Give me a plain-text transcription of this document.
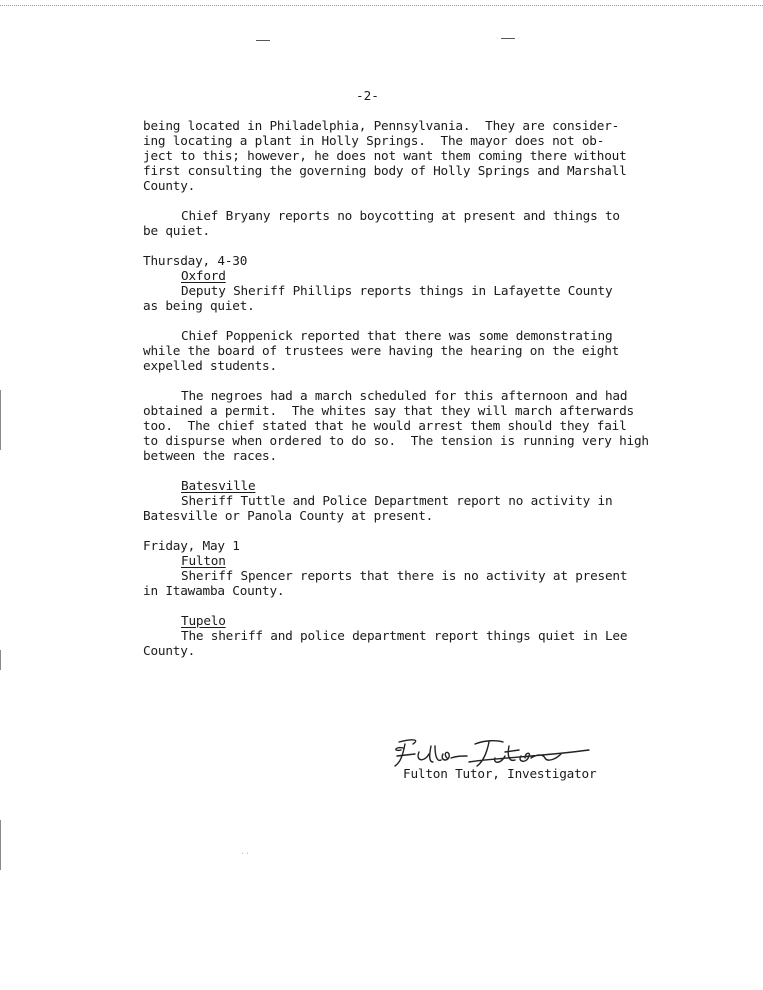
-2-
being located in Philadelphia, Pennsylvania.  They are consider-
ing locating a plant in Holly Springs.  The mayor does not ob-
ject to this; however, he does not want them coming there without
first consulting the governing body of Holly Springs and Marshall
County.
Chief Bryany reports no boycotting at present and things to
be quiet.
Thursday, 4-30
Oxford
Deputy Sheriff Phillips reports things in Lafayette County
as being quiet.
Chief Poppenick reported that there was some demonstrating
while the board of trustees were having the hearing on the eight
expelled students.
The negroes had a march scheduled for this afternoon and had
obtained a permit.  The whites say that they will march afterwards
too.  The chief stated that he would arrest them should they fail
to dispurse when ordered to do so.  The tension is running very high
between the races.
Batesville
Sheriff Tuttle and Police Department report no activity in
Batesville or Panola County at present.
Friday, May 1
Fulton
Sheriff Spencer reports that there is no activity at present
in Itawamba County.
Tupelo
The sheriff and police department report things quiet in Lee
County.
Fulton Tutor, Investigator
˙˙
